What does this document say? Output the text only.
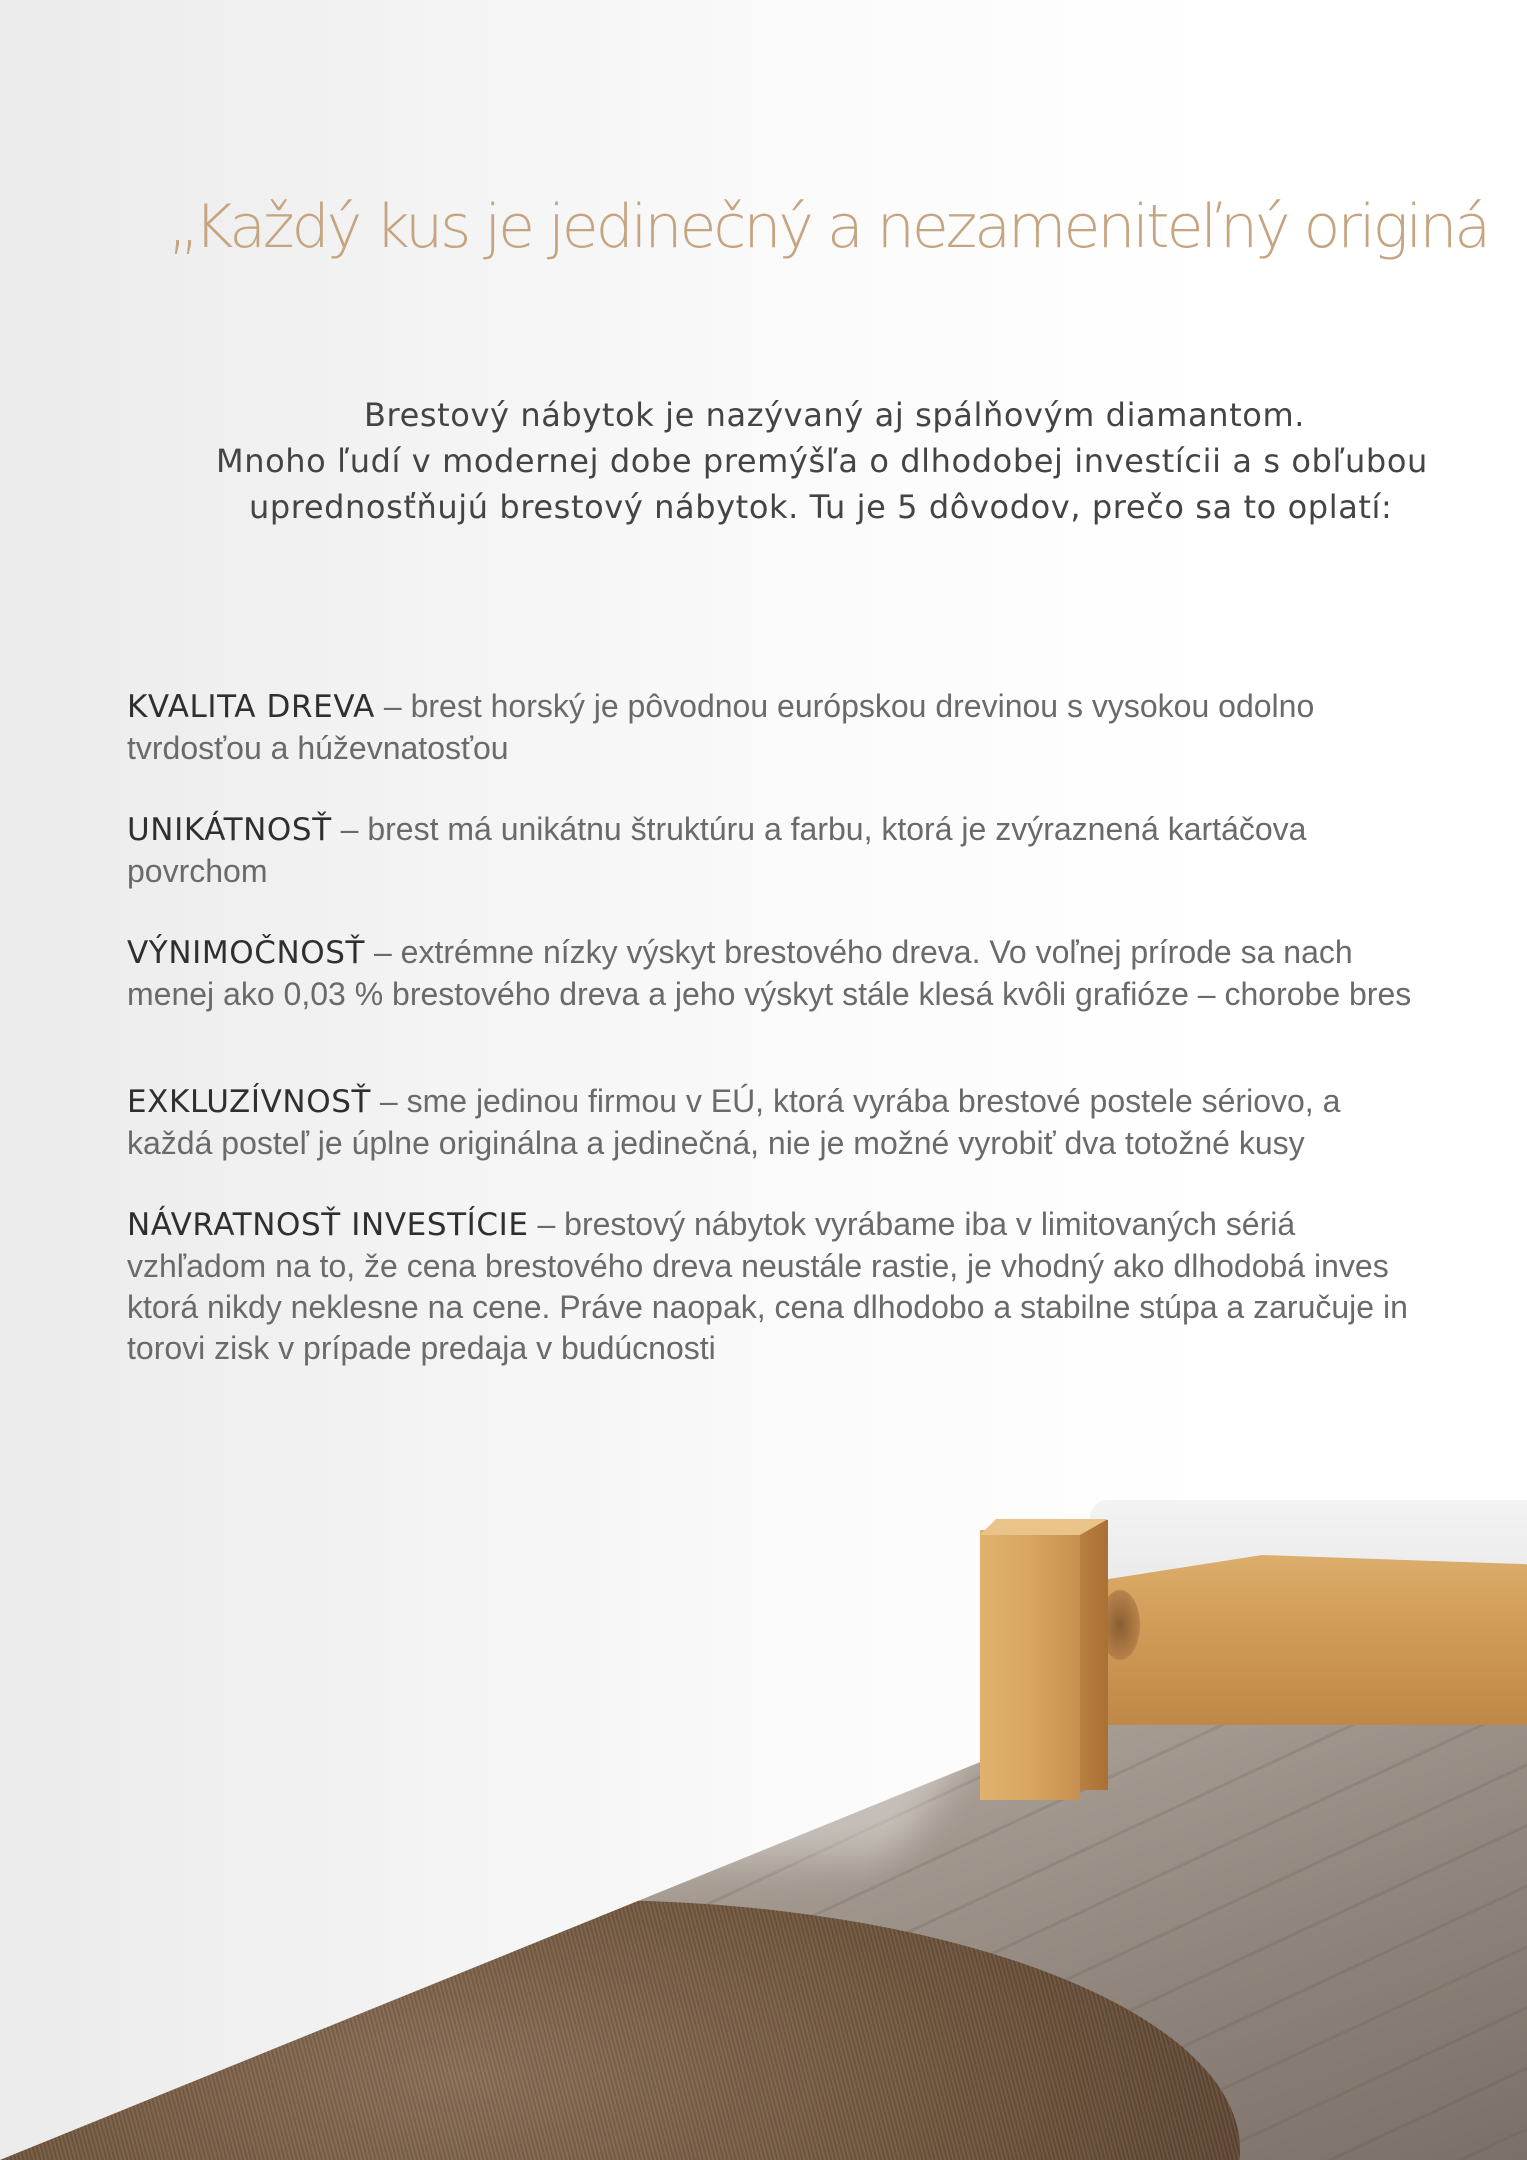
„Každý kus je jedinečný a nezameniteľný originá
Brestový nábytok je nazývaný aj spálňovým diamantom.
Mnoho ľudí v modernej dobe premýšľa o dlhodobej investícii a s obľubou
uprednosťňujú brestový nábytok. Tu je 5 dôvodov, prečo sa to oplatí:
KVALITA DREVA – brest horský je pôvodnou európskou drevinou s vysokou odolno
tvrdosťou a húževnatosťou
UNIKÁTNOSŤ – brest má unikátnu štruktúru a farbu, ktorá je zvýraznená kartáčova
povrchom
VÝNIMOČNOSŤ – extrémne nízky výskyt brestového dreva. Vo voľnej prírode sa nach
menej ako 0,03 % brestového dreva a jeho výskyt stále klesá kvôli grafióze – chorobe bres
EXKLUZÍVNOSŤ – sme jedinou firmou v EÚ, ktorá vyrába brestové postele sériovo, a
každá posteľ je úplne originálna a jedinečná, nie je možné vyrobiť dva totožné kusy
NÁVRATNOSŤ INVESTÍCIE – brestový nábytok vyrábame iba v limitovaných sériá
vzhľadom na to, že cena brestového dreva neustále rastie, je vhodný ako dlhodobá inves
ktorá nikdy neklesne na cene. Práve naopak, cena dlhodobo a stabilne stúpa a zaručuje in
torovi zisk v prípade predaja v budúcnosti
